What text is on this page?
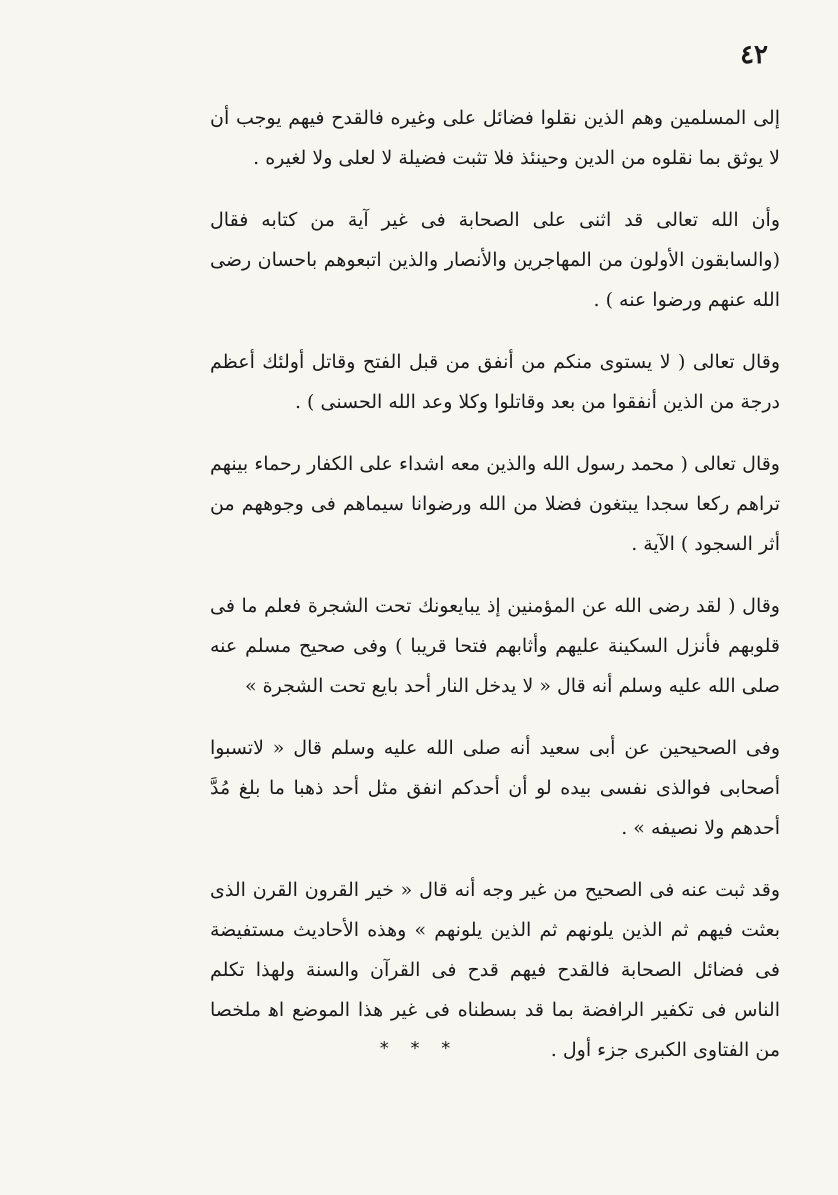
٤٢

إلى المسلمين وهم الذين نقلوا فضائل على وغيره فالقدح فيهم يوجب أن لا يوثق بما نقلوه من الدين وحينئذ فلا تثبت فضيلة لا لعلى ولا لغيره .

وأن الله تعالى قد اثنى على الصحابة فى غير آية من كتابه فقال (والسابقون الأولون من المهاجرين والأنصار والذين اتبعوهم باحسان رضى الله عنهم ورضوا عنه ) .

وقال تعالى ( لا يستوى منكم من أنفق من قبل الفتح وقاتل أولئك أعظم درجة من الذين أنفقوا من بعد وقاتلوا وكلا وعد الله الحسنى ) .

وقال تعالى ( محمد رسول الله والذين معه اشداء على الكفار رحماء بينهم تراهم ركعا سجدا يبتغون فضلا من الله ورضوانا سيماهم فى وجوههم من أثر السجود ) الآية .

وقال ( لقد رضى الله عن المؤمنين إذ يبايعونك تحت الشجرة فعلم ما فى قلوبهم فأنزل السكينة عليهم وأثابهم فتحا قريبا ) وفى صحيح مسلم عنه صلى الله عليه وسلم أنه قال « لا يدخل النار أحد بايع تحت الشجرة »

وفى الصحيحين عن أبى سعيد أنه صلى الله عليه وسلم قال « لاتسبوا أصحابى فوالذى نفسى بيده لو أن أحدكم انفق مثل أحد ذهبا ما بلغ مُدَّ أحدهم ولا نصيفه » .

وقد ثبت عنه فى الصحيح من غير وجه أنه قال « خير القرون القرن الذى بعثت فيهم ثم الذين يلونهم ثم الذين يلونهم » وهذه الأحاديث مستفيضة فى فضائل الصحابة فالقدح فيهم قدح فى القرآن والسنة ولهذا تكلم الناس فى تكفير الرافضة بما قد بسطناه فى غير هذا الموضع اﻫ ملخصا من الفتاوى الكبرى جزء أول .

* * *
